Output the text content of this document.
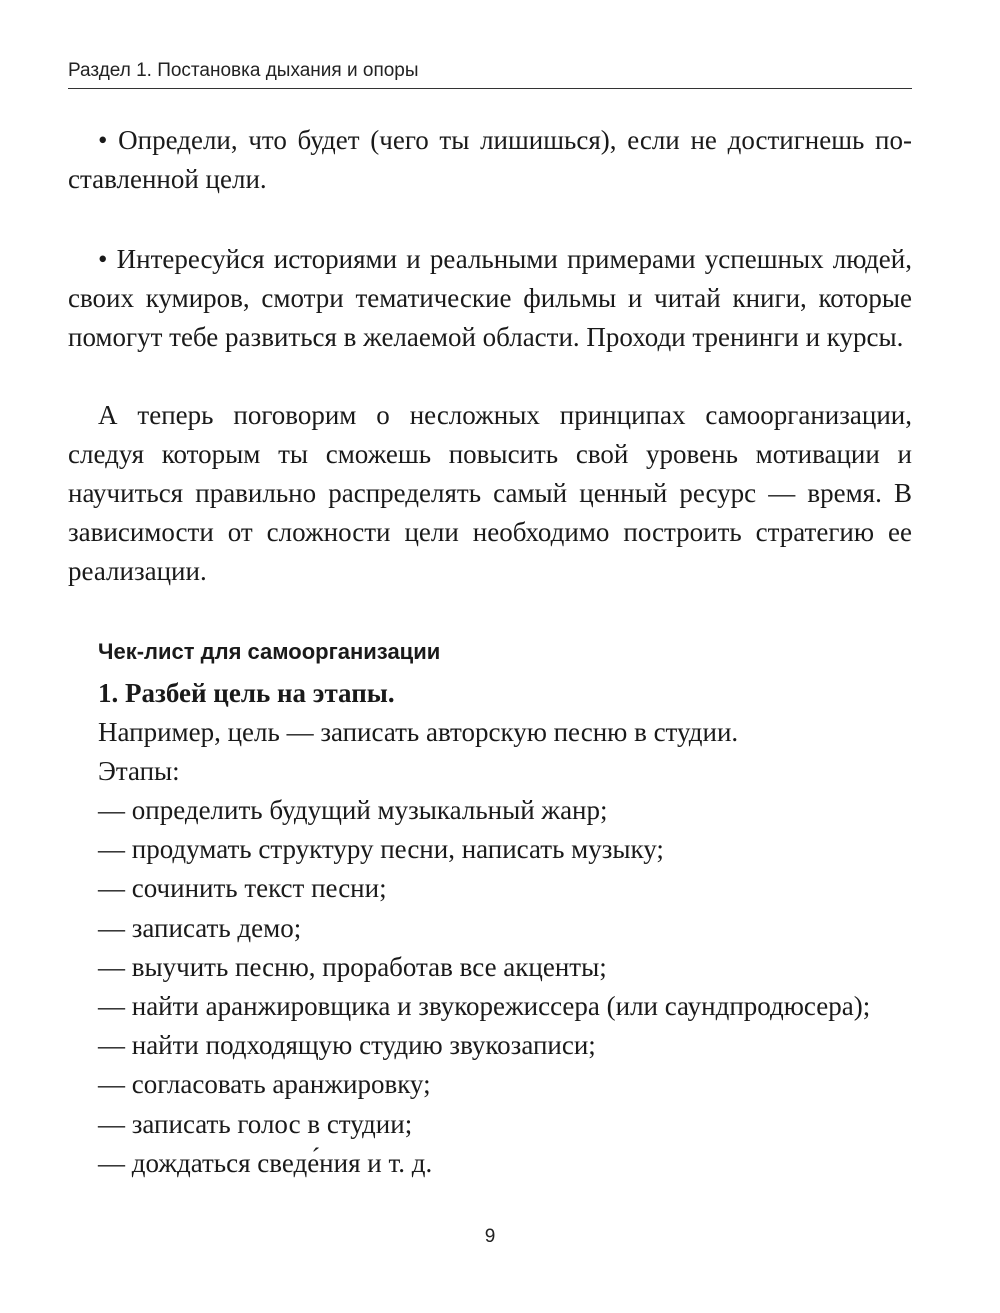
Раздел 1. Постановка дыхания и опоры

• Определи, что будет (чего ты лишишься), если не достигнешь поставленной цели.

• Интересуйся историями и реальными примерами успешных людей, своих кумиров, смотри тематические фильмы и читай книги, которые помогут тебе развиться в желаемой области. Проходи тренинги и курсы.

А теперь поговорим о несложных принципах самоорганизации, следуя которым ты сможешь повысить свой уровень мотивации и научиться правильно распределять самый ценный ресурс — время. В зависимости от сложности цели необходимо построить стратегию ее реализации.

Чек-лист для самоорганизации
1. Разбей цель на этапы.
Например, цель — записать авторскую песню в студии.
Этапы:
— определить будущий музыкальный жанр;
— продумать структуру песни, написать музыку;
— сочинить текст песни;
— записать демо;
— выучить песню, проработав все акценты;
— найти аранжировщика и звукорежиссера (или саундпродюсера);
— найти подходящую студию звукозаписи;
— согласовать аранжировку;
— записать голос в студии;
— дождаться сведе́ния и т. д.
9
